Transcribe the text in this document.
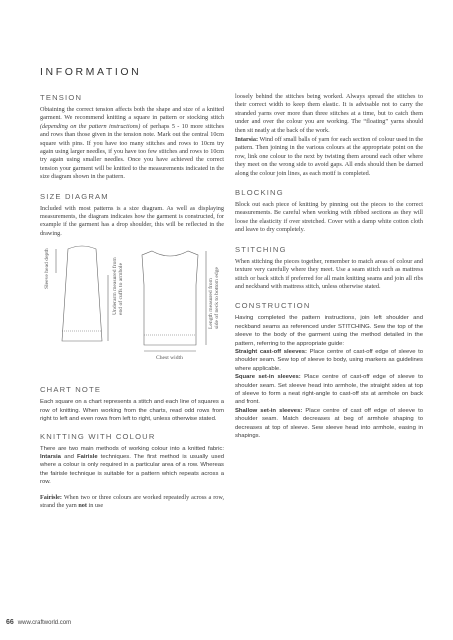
INFORMATION
TENSION

Obtaining the correct tension affects both the shape and size of a knitted garment. We recommend knitting a square in pattern or stocking stitch (depending on the pattern instructions) of perhaps 5 - 10 more stitches and rows than those given in the tension note. Mark out the central 10cm square with pins. If you have too many stitches and rows to 10cm try again using larger needles, if you have too few stitches and rows to 10cm try again using smaller needles. Once you have achieved the correct tension your garment will be knitted to the measurements indicated in the size diagram shown in the pattern.

SIZE DIAGRAM

Included with most patterns is a size diagram. As well as displaying measurements, the diagram indicates how the garment is constructed, for example if the garment has a drop shoulder, this will be reflected in the drawing.

Sleeve head depth	Underarm measured from
end of cuffs to armhole	Length measured from
side of neck to bottom edge
Chest width
CHART NOTE

Each square on a chart represents a stitch and each line of squares a row of knitting. When working from the charts, read odd rows from right to left and even rows from left to right, unless otherwise stated.

KNITTING WITH COLOUR

There are two main methods of working colour into a knitted fabric: Intarsia and Fairisle techniques. The first method is usually used where a colour is only required in a particular area of a row. Whereas the fairisle technique is suitable for a pattern which repeats across a row.

Fairisle: When two or three colours are worked repeatedly across a row, strand the yarn not in use

loosely behind the stitches being worked. Always spread the stitches to their correct width to keep them elastic. It is advisable not to carry the stranded yarns over more than three stitches at a time, but to catch them under and over the colour you are working. The “floating” yarns should then sit neatly at the back of the work.

Intarsia: Wind off small balls of yarn for each section of colour used in the pattern. Then joining in the various colours at the appropriate point on the row, link one colour to the next by twisting them around each other where they meet on the wrong side to avoid gaps. All ends should then be darned along the colour join lines, as each motif is completed.

BLOCKING

Block out each piece of knitting by pinning out the pieces to the correct measurements. Be careful when working with ribbed sections as they will loose the elasticity if over stretched. Cover with a damp white cotton cloth and leave to dry completely.

STITCHING

When stitching the pieces together, remember to match areas of colour and texture very carefully where they meet. Use a seam stitch such as mattress stitch or back stitch if preferred for all main knitting seams and join all ribs and neckband with mattress stitch, unless otherwise stated.

CONSTRUCTION

Having completed the pattern instructions, join left shoulder and neckband seams as referenced under STITCHING. Sew the top of the sleeve to the body of the garment using the method detailed in the pattern, referring to the appropriate guide:
Straight cast-off sleeves: Place centre of cast-off edge of sleeve to shoulder seam. Sew top of sleeve to body, using markers as guidelines where applicable.
Square set-in sleeves: Place centre of cast-off edge of sleeve to shoulder seam. Set sleeve head into armhole, the straight sides at top of sleeve to form a neat right-angle to cast-off sts at armhole on back and front.
Shallow set-in sleeves: Place centre of cast off edge of sleeve to shoulder seam. Match decreases at beg of armhole shaping to decreases at top of sleeve. Sew sleeve head into armhole, easing in shapings.

66 www.craftworld.com
